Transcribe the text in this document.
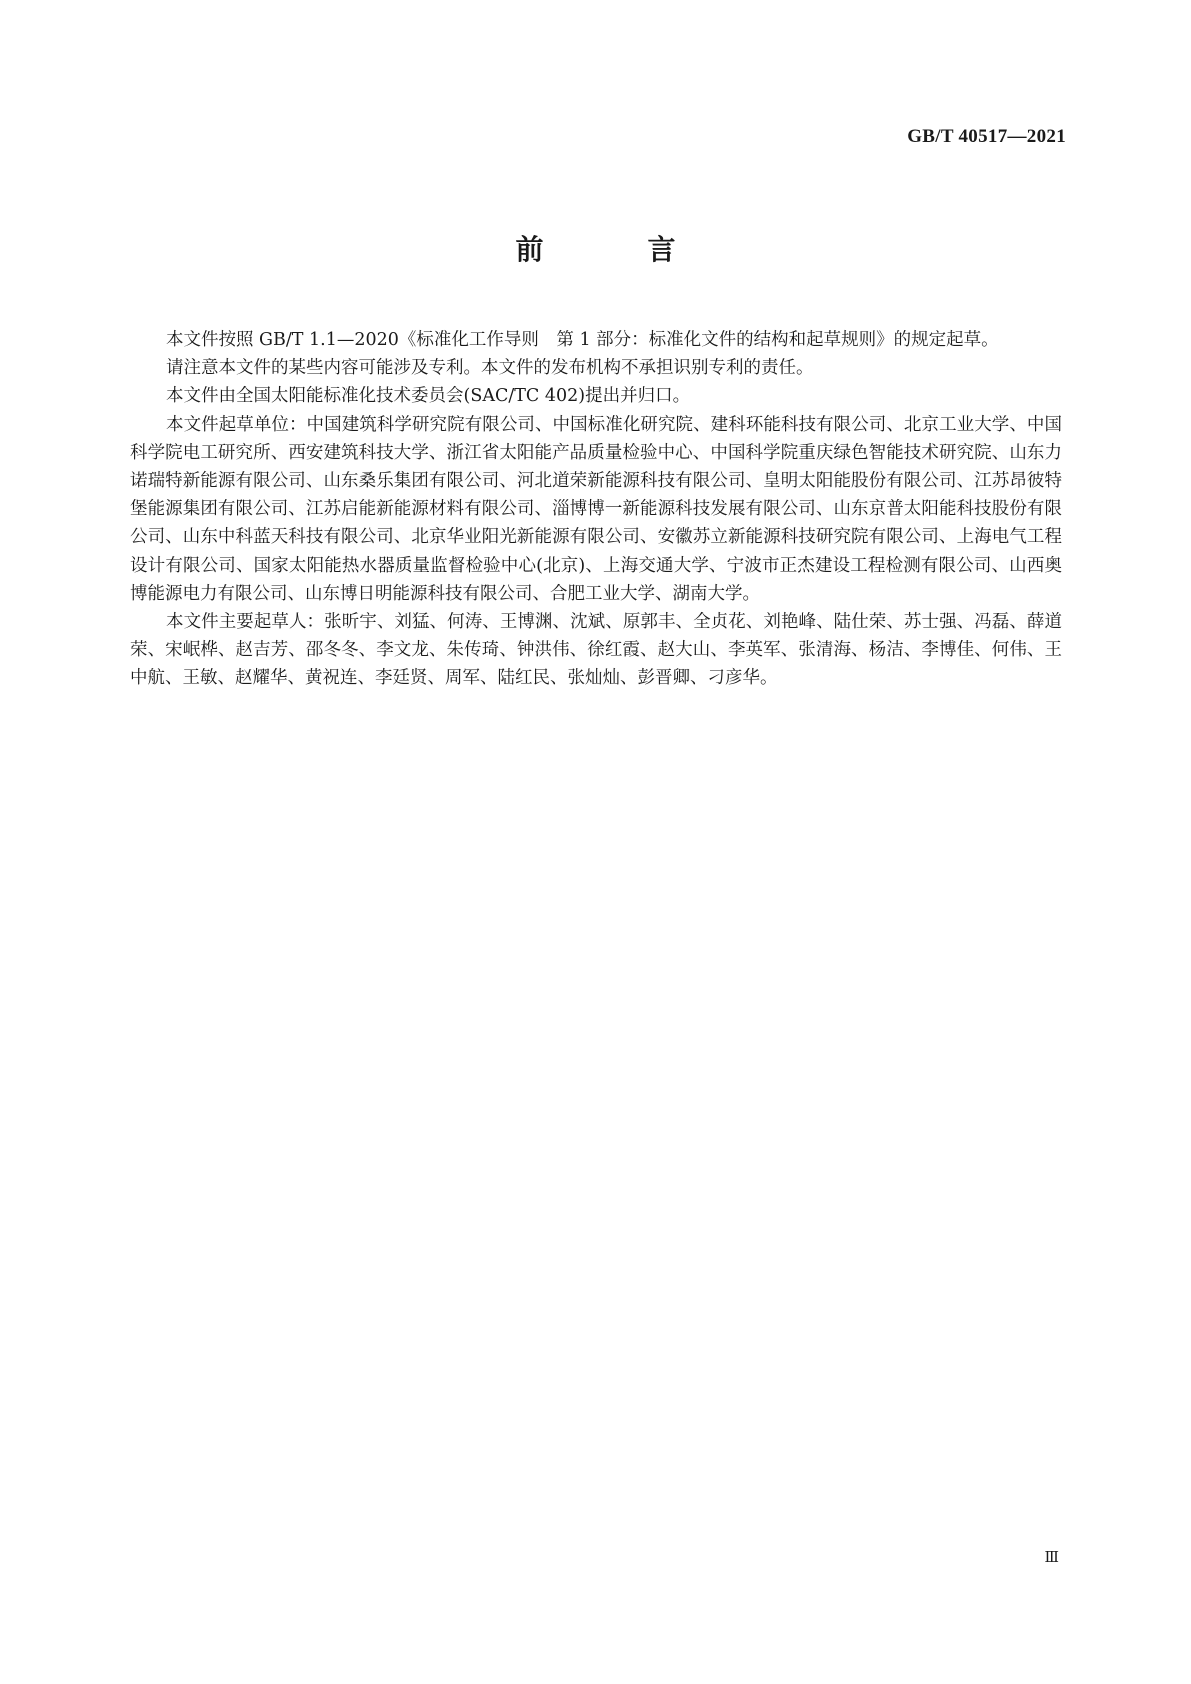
GB/T 40517—2021
前　言

本文件按照 GB/T 1.1—2020《标准化工作导则　第 1 部分：标准化文件的结构和起草规则》的规定起草。

请注意本文件的某些内容可能涉及专利。本文件的发布机构不承担识别专利的责任。

本文件由全国太阳能标准化技术委员会(SAC/TC 402)提出并归口。

本文件起草单位：中国建筑科学研究院有限公司、中国标准化研究院、建科环能科技有限公司、北京工业大学、中国科学院电工研究所、西安建筑科技大学、浙江省太阳能产品质量检验中心、中国科学院重庆绿色智能技术研究院、山东力诺瑞特新能源有限公司、山东桑乐集团有限公司、河北道荣新能源科技有限公司、皇明太阳能股份有限公司、江苏昂彼特堡能源集团有限公司、江苏启能新能源材料有限公司、淄博博一新能源科技发展有限公司、山东京普太阳能科技股份有限公司、山东中科蓝天科技有限公司、北京华业阳光新能源有限公司、安徽苏立新能源科技研究院有限公司、上海电气工程设计有限公司、国家太阳能热水器质量监督检验中心(北京)、上海交通大学、宁波市正杰建设工程检测有限公司、山西奥博能源电力有限公司、山东博日明能源科技有限公司、合肥工业大学、湖南大学。

本文件主要起草人：张昕宇、刘猛、何涛、王博渊、沈斌、原郭丰、全贞花、刘艳峰、陆仕荣、苏士强、冯磊、薛道荣、宋岷桦、赵吉芳、邵冬冬、李文龙、朱传琦、钟洪伟、徐红霞、赵大山、李英军、张清海、杨洁、李博佳、何伟、王中航、王敏、赵耀华、黄祝连、李廷贤、周军、陆红民、张灿灿、彭晋卿、刁彦华。

Ⅲ
